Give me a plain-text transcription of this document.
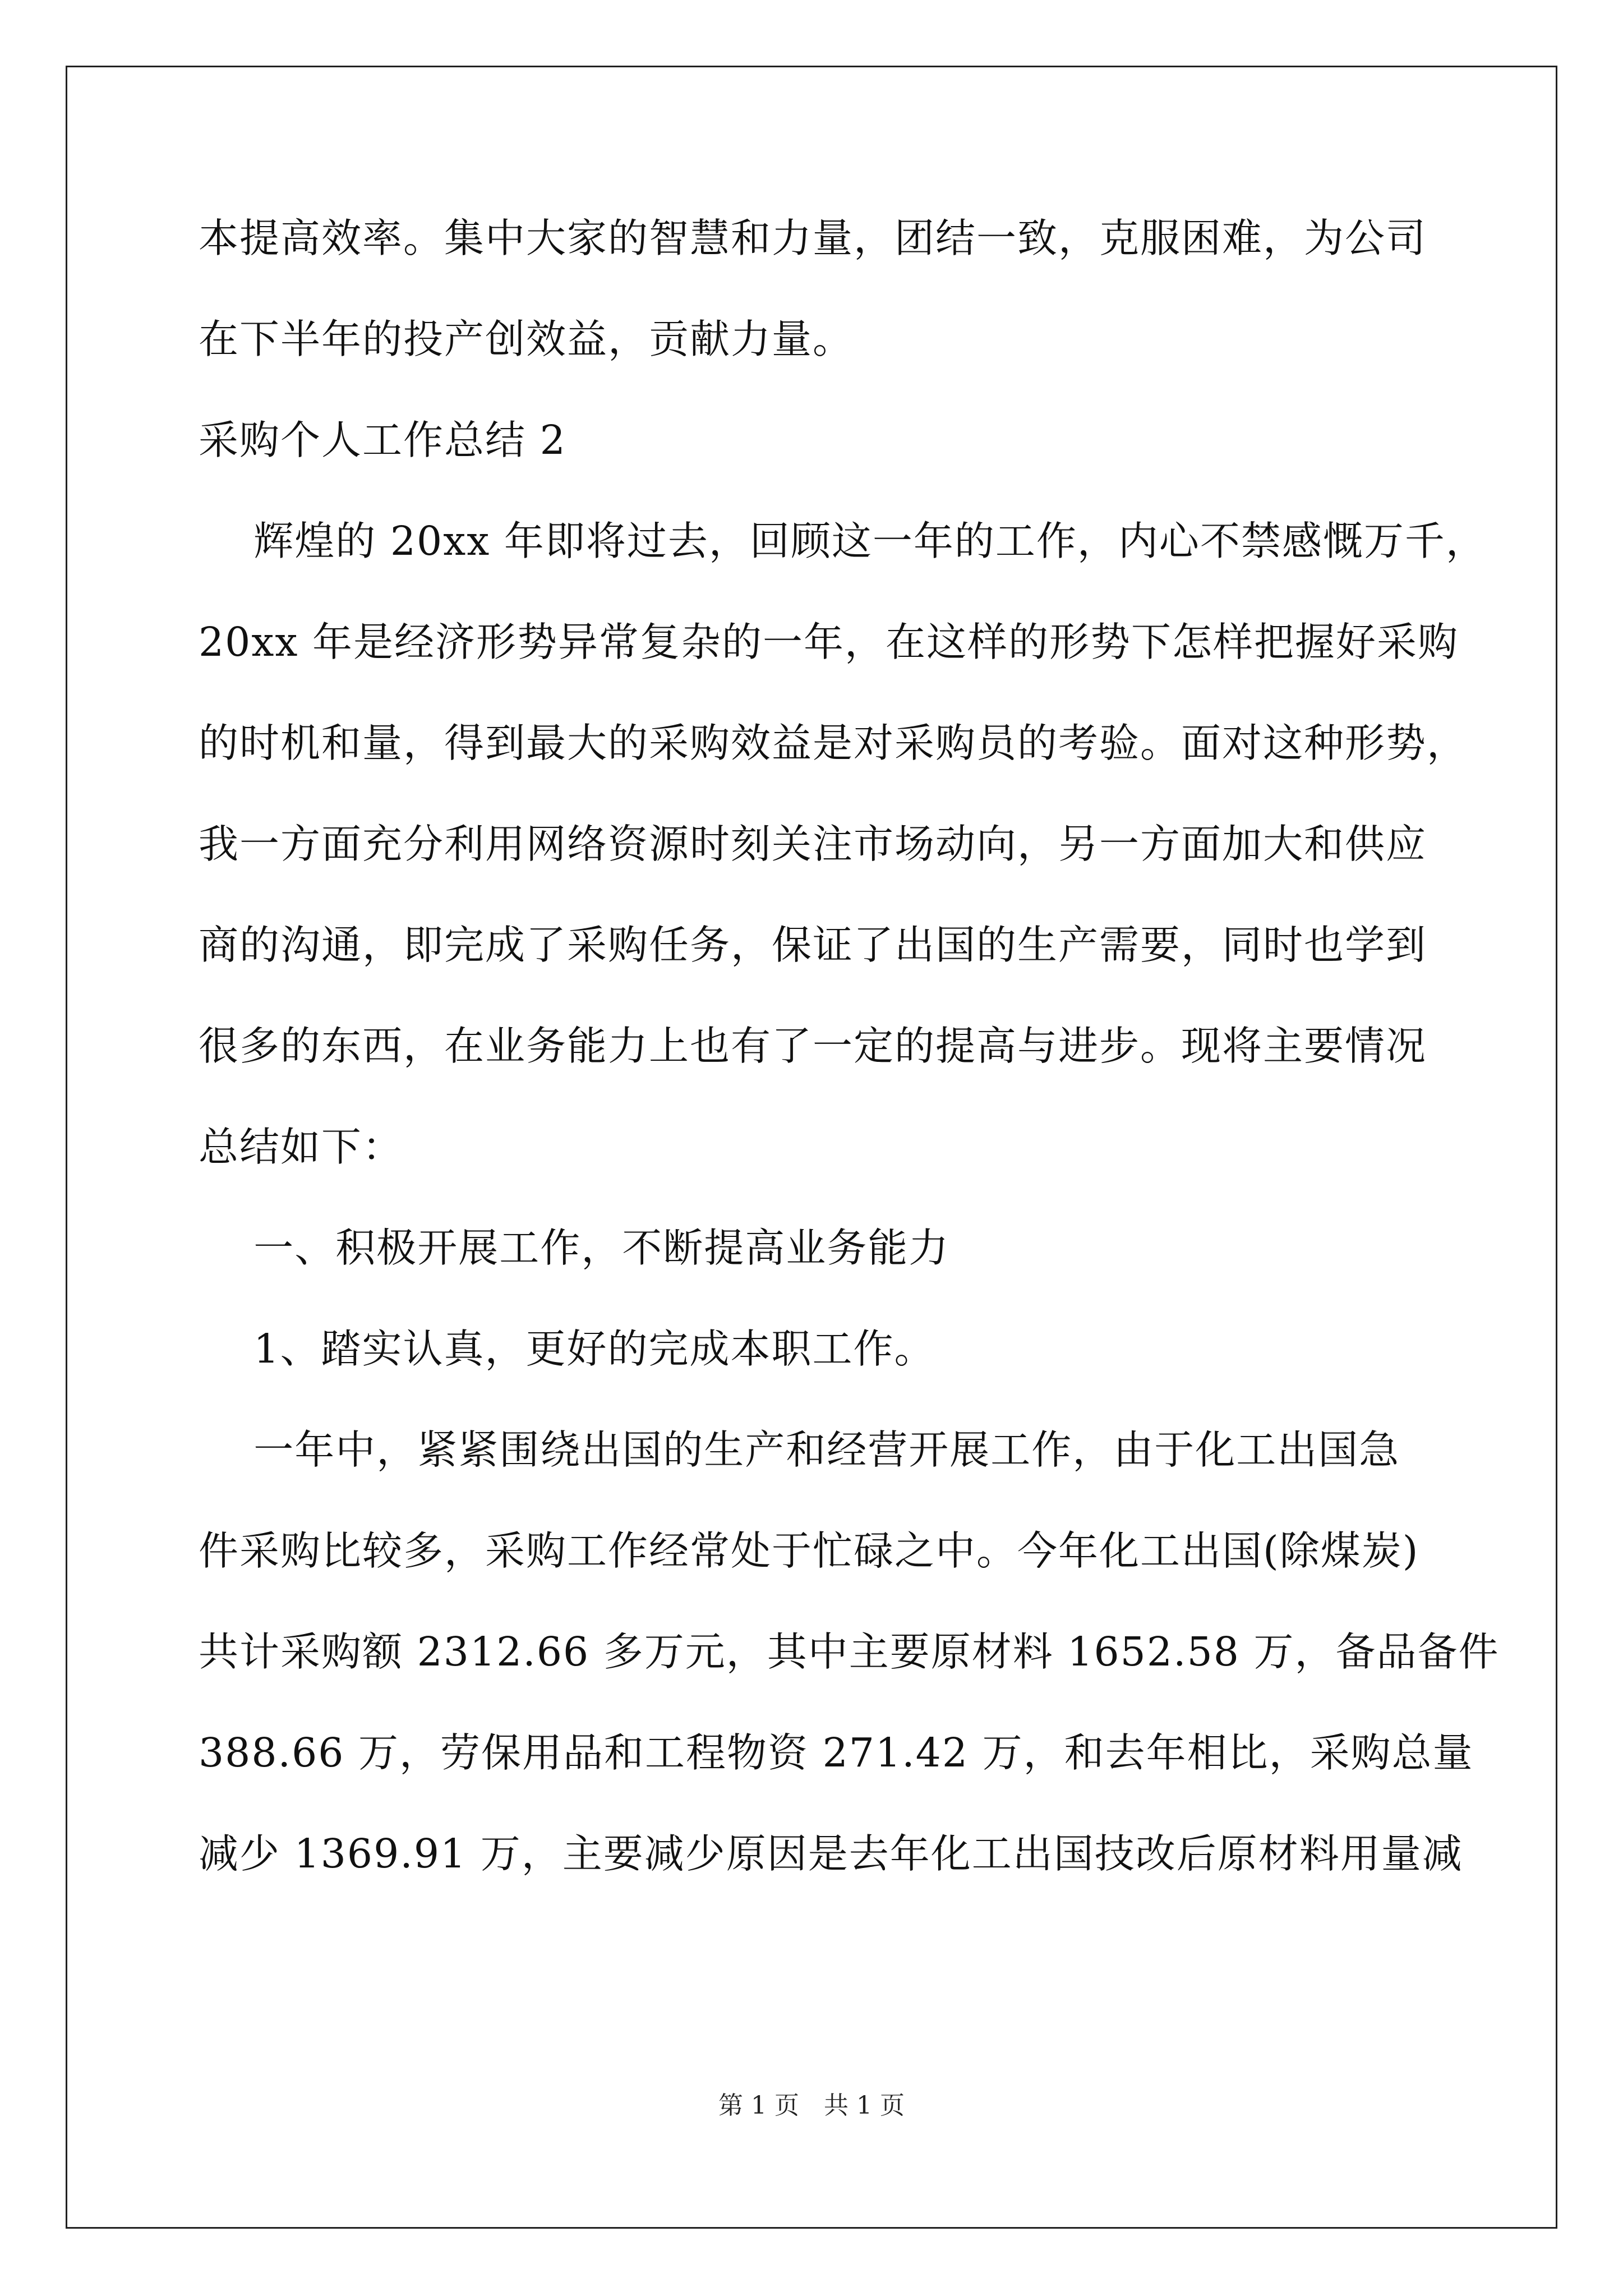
本提高效率。集中大家的智慧和力量，团结一致，克服困难，为公司
在下半年的投产创效益，贡献力量。
采购个人工作总结 2
辉煌的 20xx 年即将过去，回顾这一年的工作，内心不禁感慨万千，
20xx 年是经济形势异常复杂的一年，在这样的形势下怎样把握好采购
的时机和量，得到最大的采购效益是对采购员的考验。面对这种形势，
我一方面充分利用网络资源时刻关注市场动向，另一方面加大和供应
商的沟通，即完成了采购任务，保证了出国的生产需要，同时也学到
很多的东西，在业务能力上也有了一定的提高与进步。现将主要情况
总结如下：
一、积极开展工作，不断提高业务能力
1、踏实认真，更好的完成本职工作。
一年中，紧紧围绕出国的生产和经营开展工作，由于化工出国急
件采购比较多，采购工作经常处于忙碌之中。今年化工出国(除煤炭)
共计采购额 2312.66 多万元，其中主要原材料 1652.58 万，备品备件
388.66 万，劳保用品和工程物资 271.42 万，和去年相比，采购总量
减少 1369.91 万，主要减少原因是去年化工出国技改后原材料用量减
第 1 页　共 1 页
